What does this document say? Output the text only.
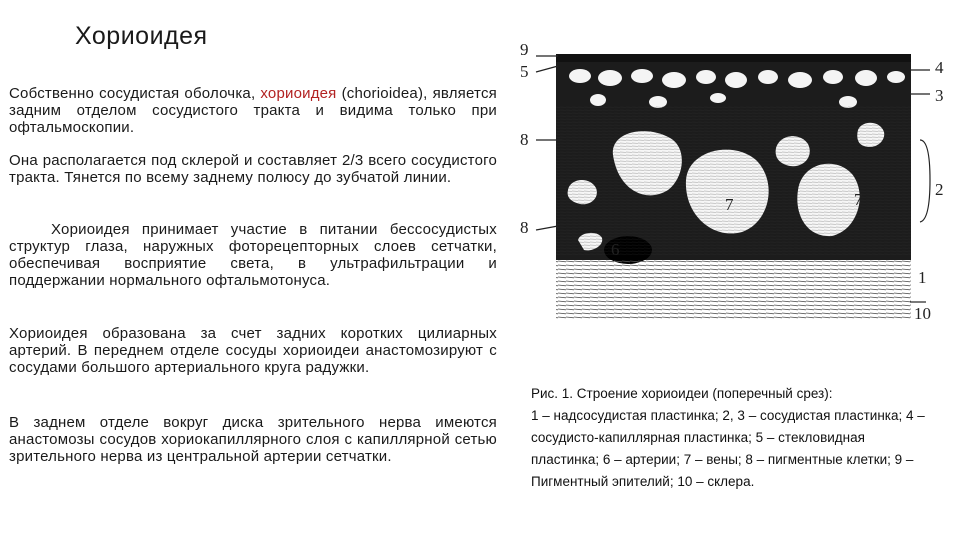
Хориоидея

Собственно сосудистая оболочка, хориоидея (chorioidea), является задним отделом сосудистого тракта и видима только при офтальмоскопии.

Она располагается под склерой и составляет 2/3 всего сосудистого тракта. Тянется по всему заднему полюсу до зубчатой линии.

Хориоидея принимает участие в питании бессосудистых структур глаза, наружных фоторецепторных слоев сетчатки, обеспечивая восприятие света, в ультрафильтрации и поддержании нормального офтальмотонуса.

Хориоидея образована за счет задних коротких цилиарных артерий. В переднем отделе сосуды хориоидеи анастомозируют с сосудами большого артериального круга радужки.

В заднем отделе вокруг диска зрительного нерва имеются анастомозы сосудов хориокапиллярного слоя с капиллярной сетью зрительного нерва из центральной артерии сетчатки.

9
5	4
3
8
8
7	7
2
6
1
10

Рис. 1. Строение хориоидеи (поперечный срез):
1 – надсосудистая пластинка; 2, 3 – сосудистая пластинка; 4 – сосудисто-капиллярная пластинка; 5 – стекловидная пластинка; 6 – артерии; 7 – вены; 8 – пигментные клетки; 9 – Пигментный эпителий; 10 – склера.
